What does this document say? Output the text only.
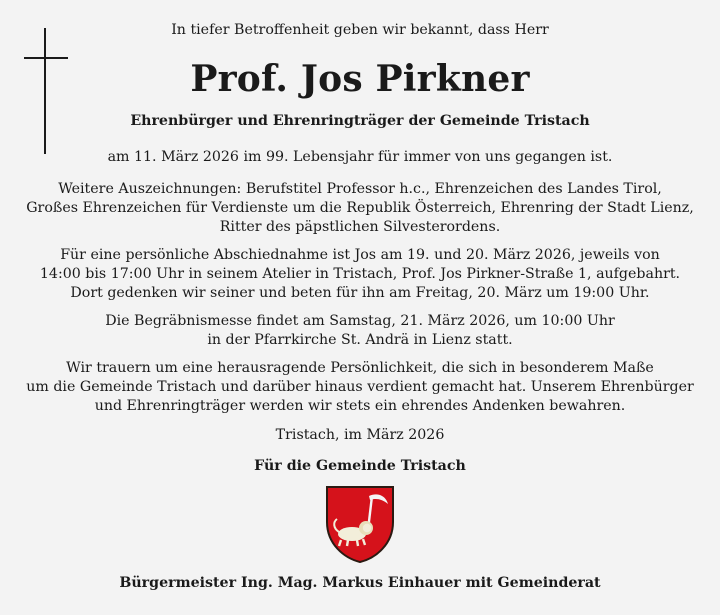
In tiefer Betroffenheit geben wir bekannt, dass Herr
Prof. Jos Pirkner
Ehrenbürger und Ehrenringträger der Gemeinde Tristach
am 11. März 2026 im 99. Lebensjahr für immer von uns gegangen ist.
Weitere Auszeichnungen: Berufstitel Professor h.c., Ehrenzeichen des Landes Tirol,
Großes Ehrenzeichen für Verdienste um die Republik Österreich, Ehrenring der Stadt Lienz,
Ritter des päpstlichen Silvesterordens.
Für eine persönliche Abschiednahme ist Jos am 19. und 20. März 2026, jeweils von
14:00 bis 17:00 Uhr in seinem Atelier in Tristach, Prof. Jos Pirkner-Straße 1, aufgebahrt.
Dort gedenken wir seiner und beten für ihn am Freitag, 20. März um 19:00 Uhr.
Die Begräbnismesse findet am Samstag, 21. März 2026, um 10:00 Uhr
in der Pfarrkirche St. Andrä in Lienz statt.
Wir trauern um eine herausragende Persönlichkeit, die sich in besonderem Maße
um die Gemeinde Tristach und darüber hinaus verdient gemacht hat. Unserem Ehrenbürger
und Ehrenringträger werden wir stets ein ehrendes Andenken bewahren.
Tristach, im März 2026
Für die Gemeinde Tristach
Bürgermeister Ing. Mag. Markus Einhauer mit Gemeinderat
